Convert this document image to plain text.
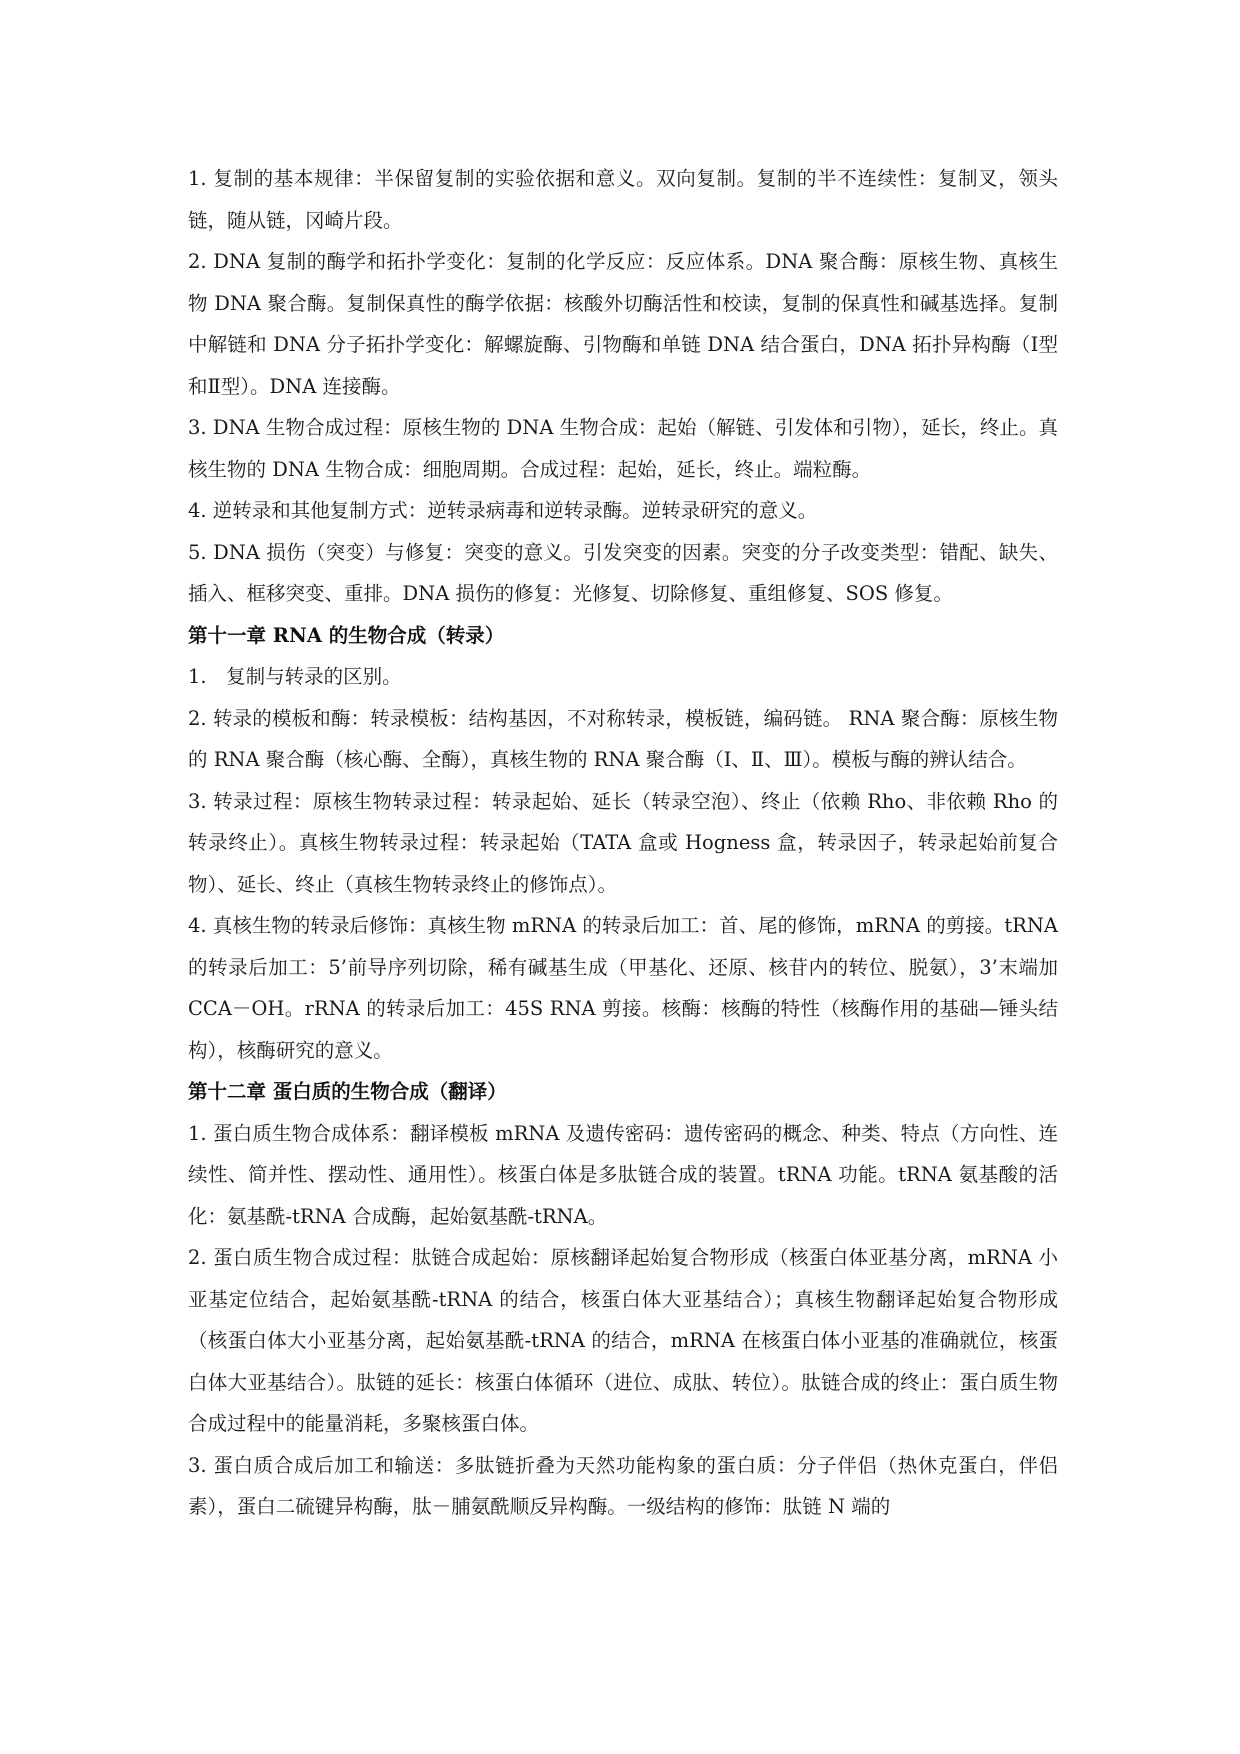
1. 复制的基本规律：半保留复制的实验依据和意义。双向复制。复制的半不连续性：复制叉，领头链，随从链，冈崎片段。

2. DNA 复制的酶学和拓扑学变化：复制的化学反应：反应体系。DNA 聚合酶：原核生物、真核生物 DNA 聚合酶。复制保真性的酶学依据：核酸外切酶活性和校读，复制的保真性和碱基选择。复制中解链和 DNA 分子拓扑学变化：解螺旋酶、引物酶和单链 DNA 结合蛋白，DNA 拓扑异构酶（Ⅰ型和Ⅱ型）。DNA 连接酶。

3. DNA 生物合成过程：原核生物的 DNA 生物合成：起始（解链、引发体和引物），延长，终止。真核生物的 DNA 生物合成：细胞周期。合成过程：起始，延长，终止。端粒酶。

4. 逆转录和其他复制方式：逆转录病毒和逆转录酶。逆转录研究的意义。

5. DNA 损伤（突变）与修复：突变的意义。引发突变的因素。突变的分子改变类型：错配、缺失、插入、框移突变、重排。DNA 损伤的修复：光修复、切除修复、重组修复、SOS 修复。

第十一章 RNA 的生物合成（转录）

1.　复制与转录的区别。

2. 转录的模板和酶：转录模板：结构基因，不对称转录，模板链，编码链。 RNA 聚合酶：原核生物的 RNA 聚合酶（核心酶、全酶），真核生物的 RNA 聚合酶（Ⅰ、Ⅱ、Ⅲ）。模板与酶的辨认结合。

3. 转录过程：原核生物转录过程：转录起始、延长（转录空泡）、终止（依赖 Rho、非依赖 Rho 的转录终止）。真核生物转录过程：转录起始（TATA 盒或 Hogness 盒，转录因子，转录起始前复合物）、延长、终止（真核生物转录终止的修饰点）。

4. 真核生物的转录后修饰：真核生物 mRNA 的转录后加工：首、尾的修饰，mRNA 的剪接。tRNA 的转录后加工：5’前导序列切除，稀有碱基生成（甲基化、还原、核苷内的转位、脱氨），3’末端加 CCA－OH。rRNA 的转录后加工：45S RNA 剪接。核酶：核酶的特性（核酶作用的基础—锤头结构），核酶研究的意义。

第十二章 蛋白质的生物合成（翻译）

1. 蛋白质生物合成体系：翻译模板 mRNA 及遗传密码：遗传密码的概念、种类、特点（方向性、连续性、简并性、摆动性、通用性）。核蛋白体是多肽链合成的装置。tRNA 功能。tRNA 氨基酸的活化：氨基酰-tRNA 合成酶，起始氨基酰-tRNA。

2. 蛋白质生物合成过程：肽链合成起始：原核翻译起始复合物形成（核蛋白体亚基分离，mRNA 小亚基定位结合，起始氨基酰-tRNA 的结合，核蛋白体大亚基结合）；真核生物翻译起始复合物形成（核蛋白体大小亚基分离，起始氨基酰-tRNA 的结合，mRNA 在核蛋白体小亚基的准确就位，核蛋白体大亚基结合）。肽链的延长：核蛋白体循环（进位、成肽、转位）。肽链合成的终止：蛋白质生物合成过程中的能量消耗，多聚核蛋白体。

3. 蛋白质合成后加工和输送：多肽链折叠为天然功能构象的蛋白质：分子伴侣（热休克蛋白，伴侣素），蛋白二硫键异构酶，肽－脯氨酰顺反异构酶。一级结构的修饰：肽链 N 端的
